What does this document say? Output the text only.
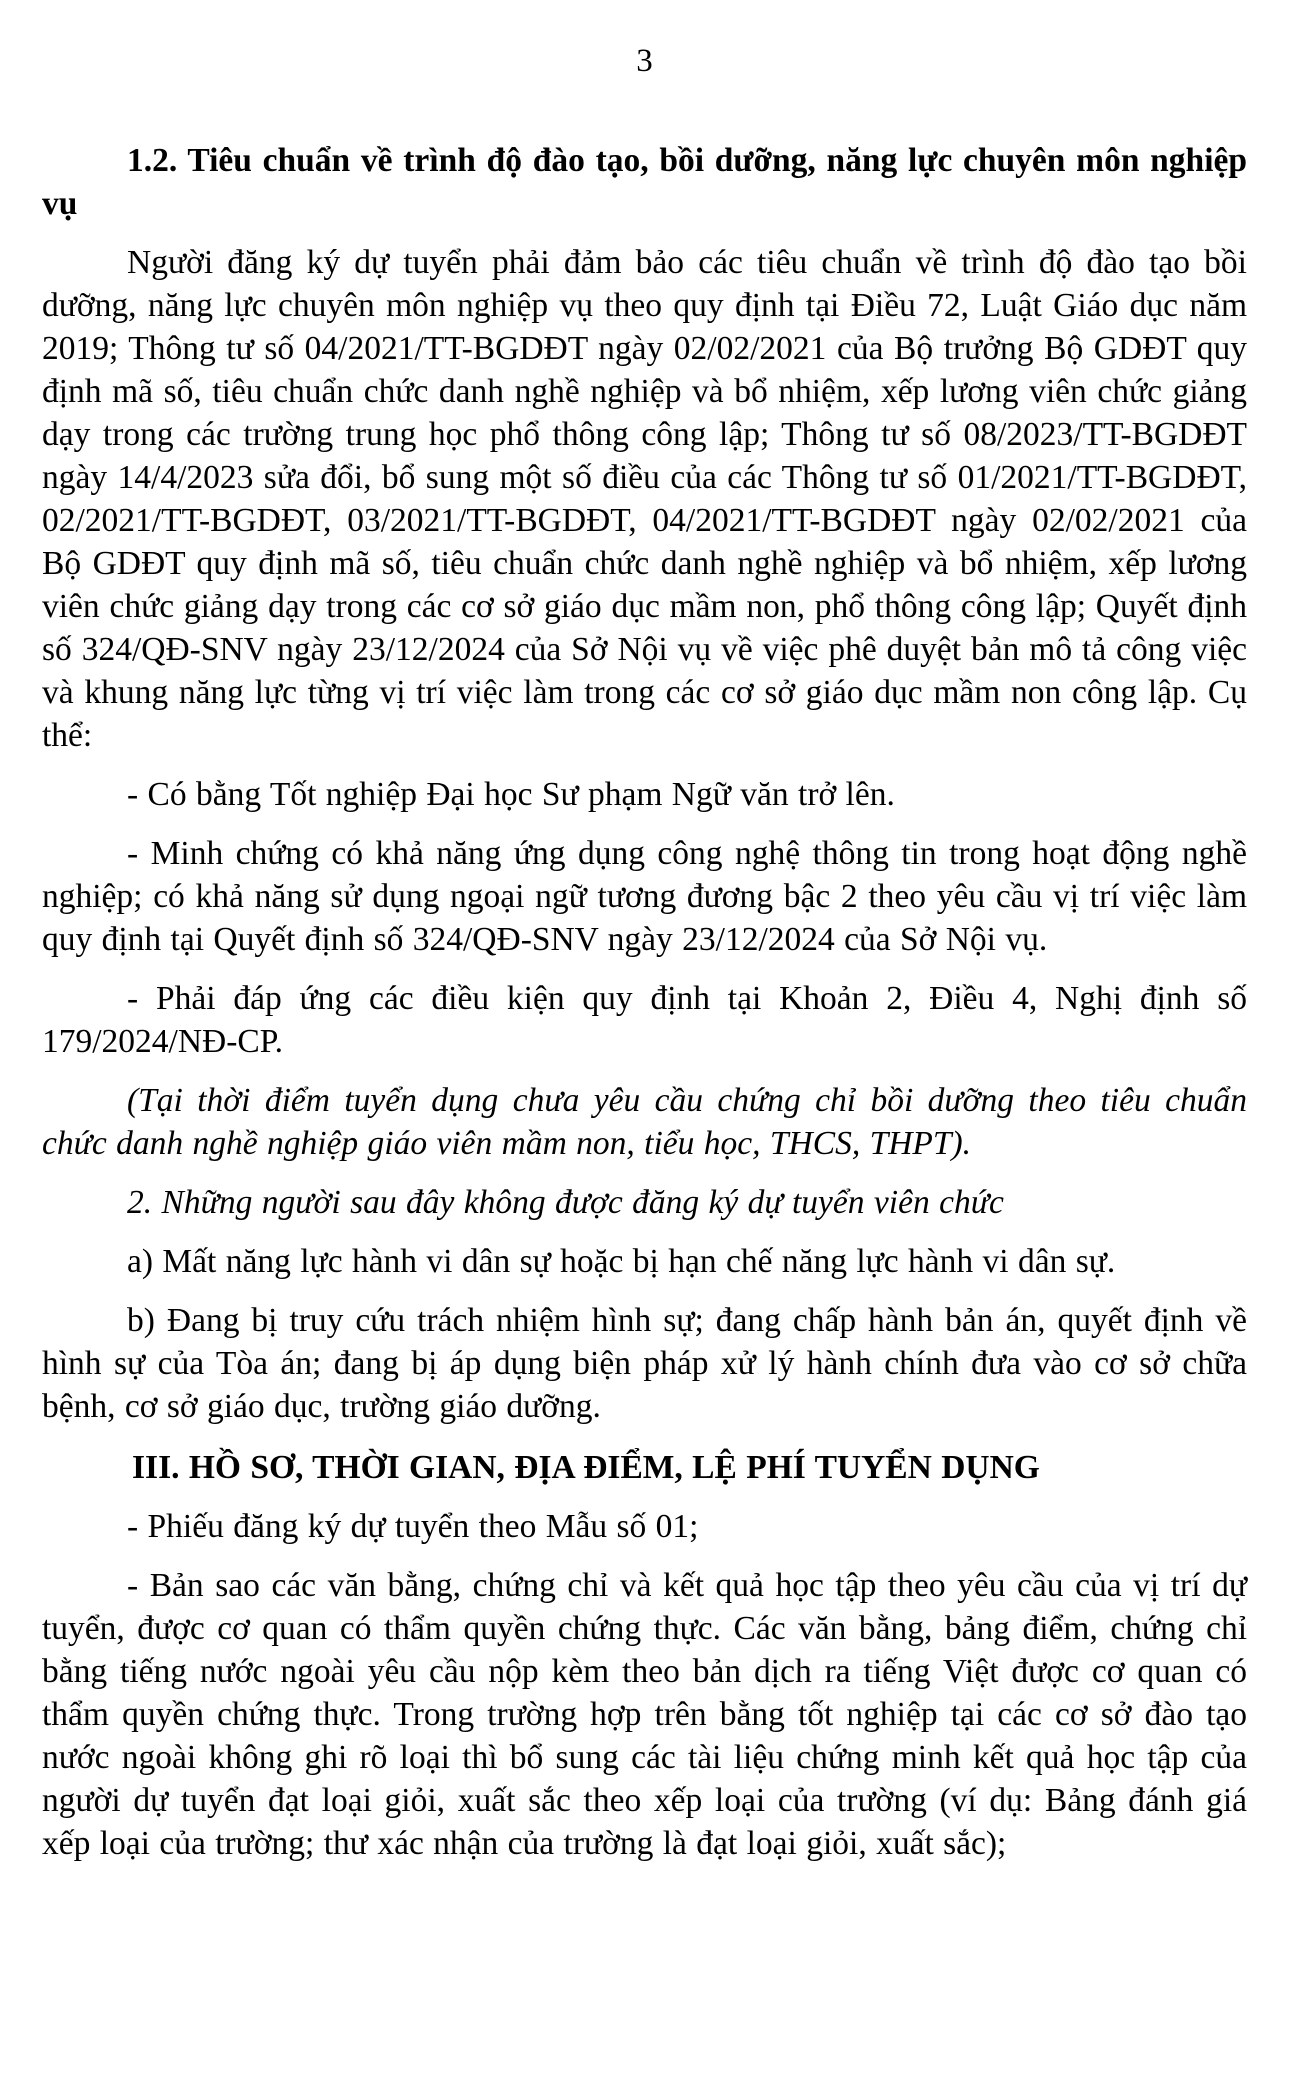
3

1.2. Tiêu chuẩn về trình độ đào tạo, bồi dưỡng, năng lực chuyên môn nghiệp vụ

Người đăng ký dự tuyển phải đảm bảo các tiêu chuẩn về trình độ đào tạo bồi dưỡng, năng lực chuyên môn nghiệp vụ theo quy định tại Điều 72, Luật Giáo dục năm 2019; Thông tư số 04/2021/TT-BGDĐT ngày 02/02/2021 của Bộ trưởng Bộ GDĐT quy định mã số, tiêu chuẩn chức danh nghề nghiệp và bổ nhiệm, xếp lương viên chức giảng dạy trong các trường trung học phổ thông công lập; Thông tư số 08/2023/TT-BGDĐT ngày 14/4/2023 sửa đổi, bổ sung một số điều của các Thông tư số 01/2021/TT-BGDĐT, 02/2021/TT-BGDĐT, 03/2021/TT-BGDĐT, 04/2021/TT-BGDĐT ngày 02/02/2021 của Bộ GDĐT quy định mã số, tiêu chuẩn chức danh nghề nghiệp và bổ nhiệm, xếp lương viên chức giảng dạy trong các cơ sở giáo dục mầm non, phổ thông công lập; Quyết định số 324/QĐ-SNV ngày 23/12/2024 của Sở Nội vụ về việc phê duyệt bản mô tả công việc và khung năng lực từng vị trí việc làm trong các cơ sở giáo dục mầm non công lập. Cụ thể:

- Có bằng Tốt nghiệp Đại học Sư phạm Ngữ văn trở lên.

- Minh chứng có khả năng ứng dụng công nghệ thông tin trong hoạt động nghề nghiệp; có khả năng sử dụng ngoại ngữ tương đương bậc 2 theo yêu cầu vị trí việc làm quy định tại Quyết định số 324/QĐ-SNV ngày 23/12/2024 của Sở Nội vụ.

- Phải đáp ứng các điều kiện quy định tại Khoản 2, Điều 4, Nghị định số 179/2024/NĐ-CP.

(Tại thời điểm tuyển dụng chưa yêu cầu chứng chỉ bồi dưỡng theo tiêu chuẩn chức danh nghề nghiệp giáo viên mầm non, tiểu học, THCS, THPT).

2. Những người sau đây không được đăng ký dự tuyển viên chức

a) Mất năng lực hành vi dân sự hoặc bị hạn chế năng lực hành vi dân sự.

b) Đang bị truy cứu trách nhiệm hình sự; đang chấp hành bản án, quyết định về hình sự của Tòa án; đang bị áp dụng biện pháp xử lý hành chính đưa vào cơ sở chữa bệnh, cơ sở giáo dục, trường giáo dưỡng.

III. HỒ SƠ, THỜI GIAN, ĐỊA ĐIỂM, LỆ PHÍ TUYỂN DỤNG

- Phiếu đăng ký dự tuyển theo Mẫu số 01;

- Bản sao các văn bằng, chứng chỉ và kết quả học tập theo yêu cầu của vị trí dự tuyển, được cơ quan có thẩm quyền chứng thực. Các văn bằng, bảng điểm, chứng chỉ bằng tiếng nước ngoài yêu cầu nộp kèm theo bản dịch ra tiếng Việt được cơ quan có thẩm quyền chứng thực. Trong trường hợp trên bằng tốt nghiệp tại các cơ sở đào tạo nước ngoài không ghi rõ loại thì bổ sung các tài liệu chứng minh kết quả học tập của người dự tuyển đạt loại giỏi, xuất sắc theo xếp loại của trường (ví dụ: Bảng đánh giá xếp loại của trường; thư xác nhận của trường là đạt loại giỏi, xuất sắc);
